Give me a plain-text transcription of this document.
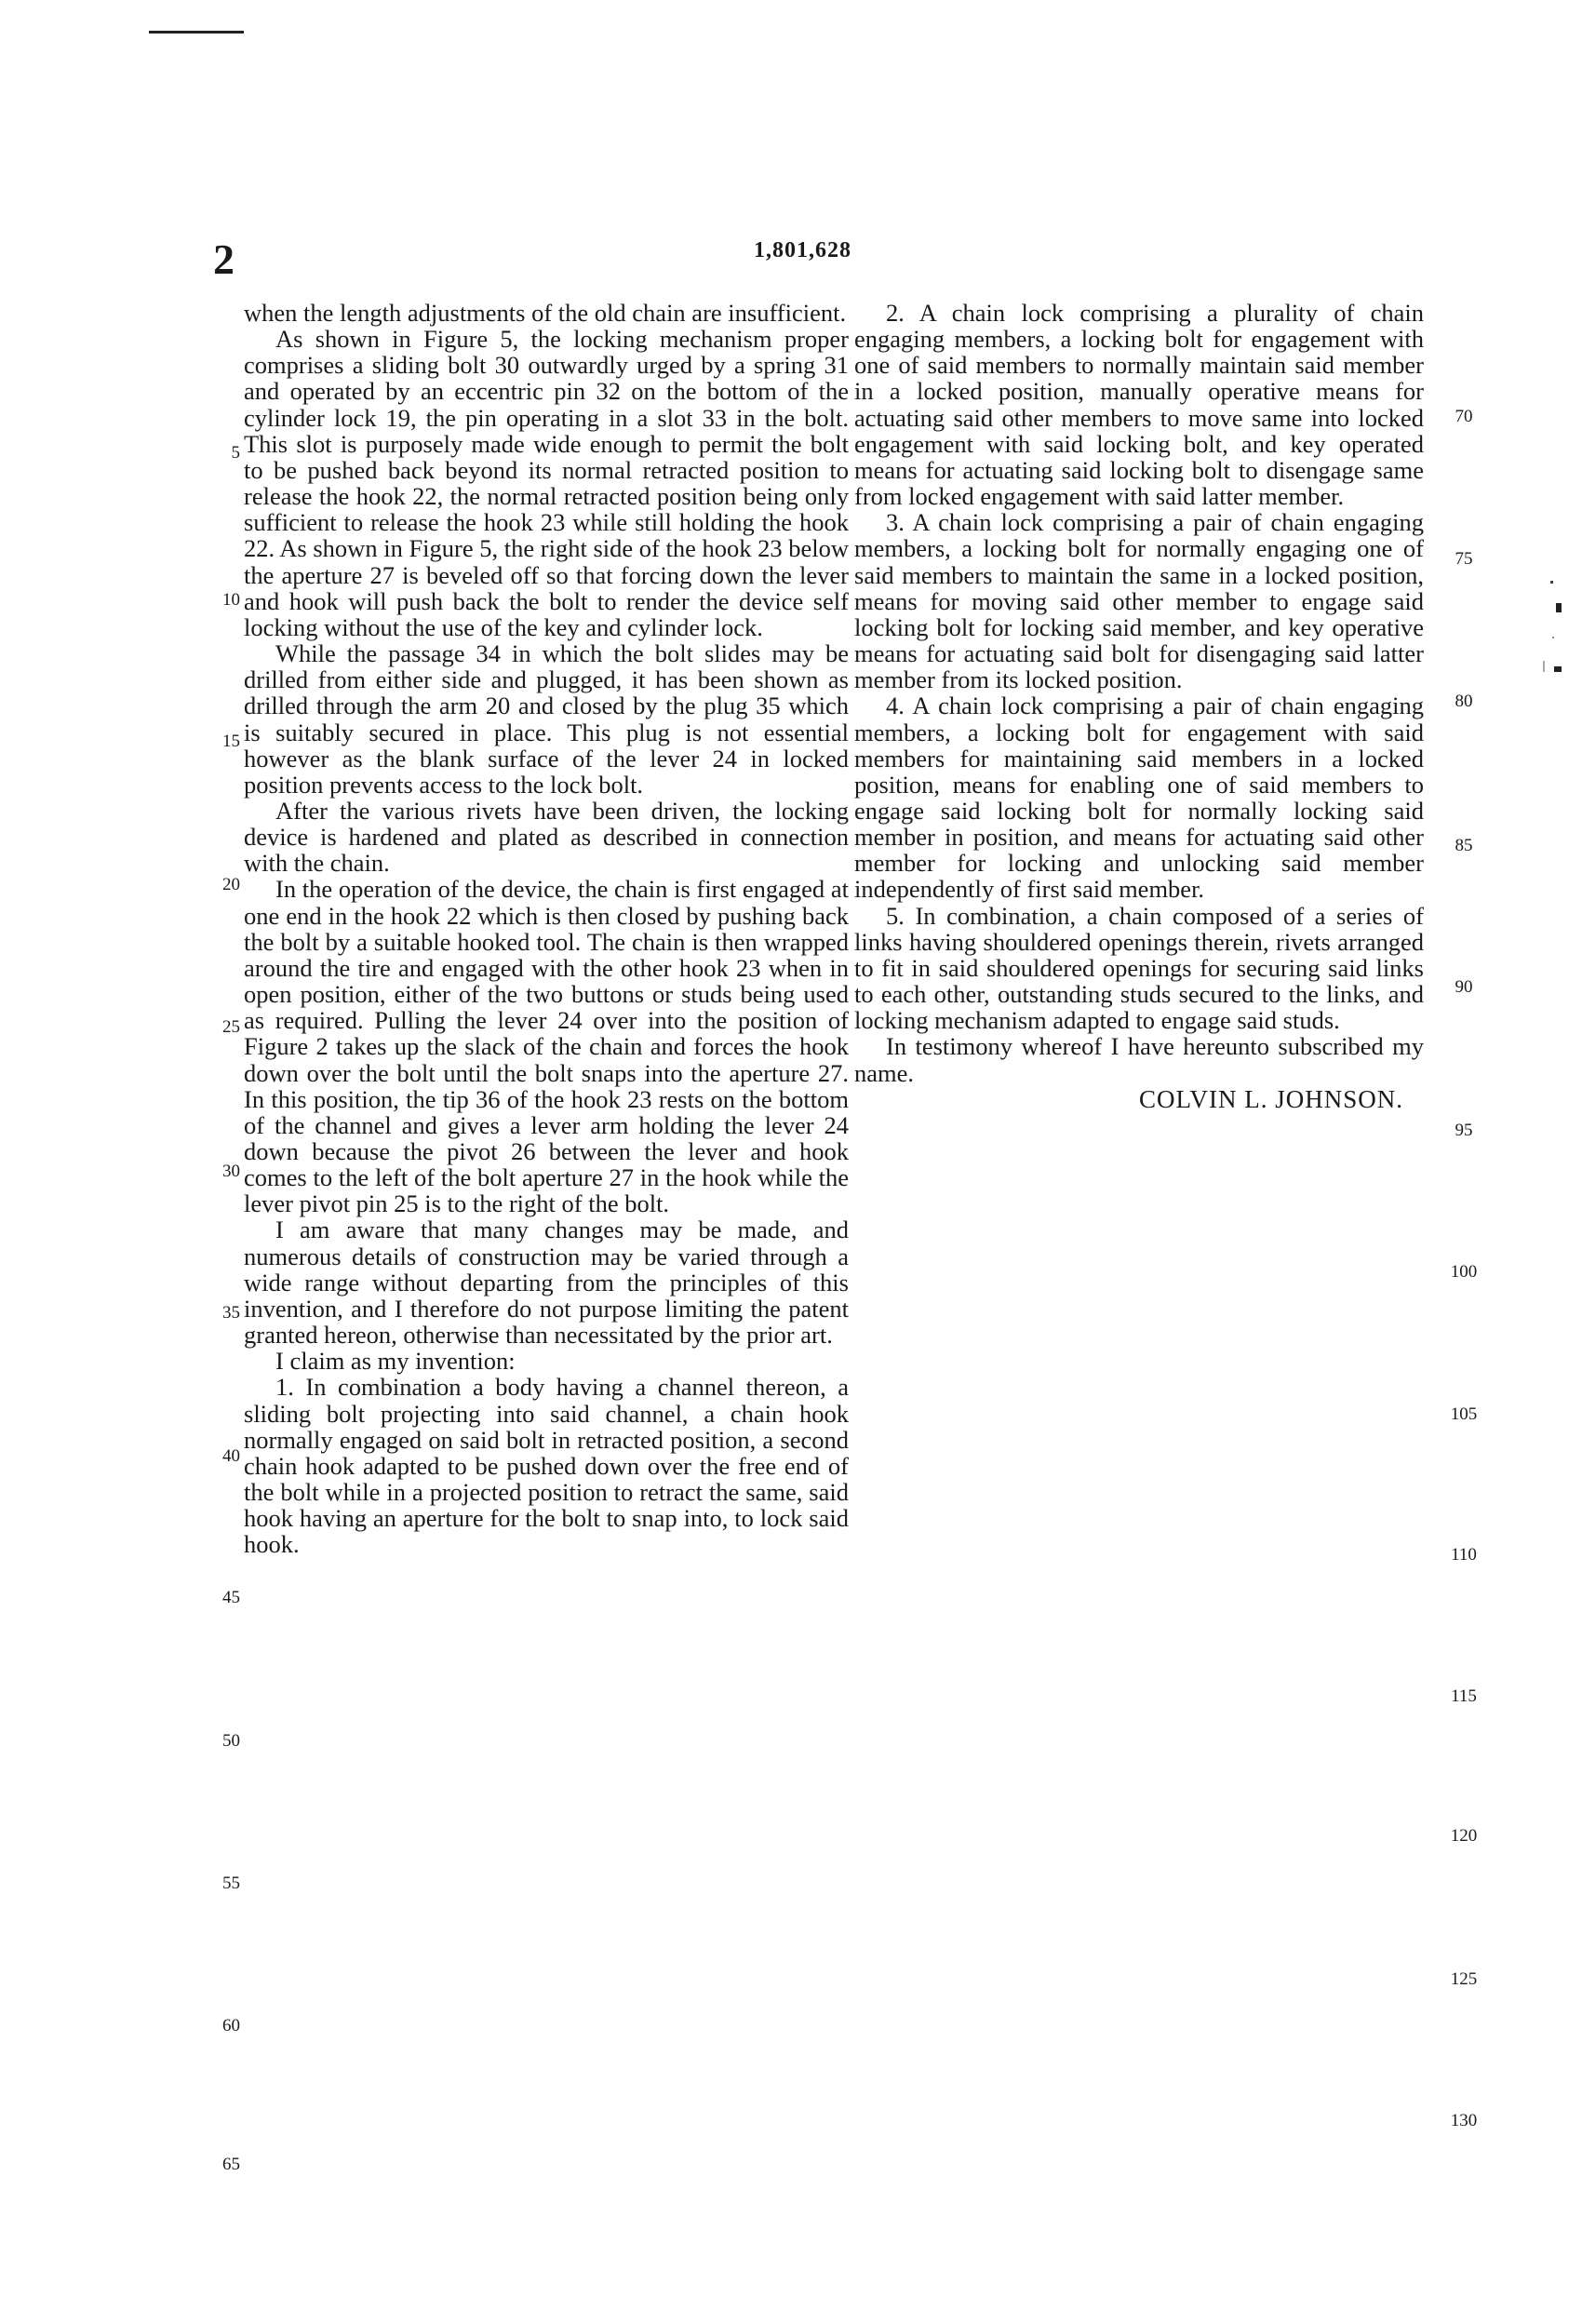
2	1,801,628

when the length adjustments of the old chain are insufficient.

As shown in Figure 5, the locking mechanism proper comprises a sliding bolt 30 outwardly urged by a spring 31 and operated by an eccentric pin 32 on the bottom of the cylinder lock 19, the pin operating in a slot 33 in the bolt. This slot is purposely made wide enough to permit the bolt to be pushed back beyond its normal retracted position to release the hook 22, the normal retracted position being only sufficient to release the hook 23 while still holding the hook 22. As shown in Figure 5, the right side of the hook 23 below the aperture 27 is beveled off so that forcing down the lever and hook will push back the bolt to render the device self locking without the use of the key and cylinder lock.

While the passage 34 in which the bolt slides may be drilled from either side and plugged, it has been shown as drilled through the arm 20 and closed by the plug 35 which is suitably secured in place. This plug is not essential however as the blank surface of the lever 24 in locked position prevents access to the lock bolt.

After the various rivets have been driven, the locking device is hardened and plated as described in connection with the chain.

In the operation of the device, the chain is first engaged at one end in the hook 22 which is then closed by pushing back the bolt by a suitable hooked tool. The chain is then wrapped around the tire and engaged with the other hook 23 when in open position, either of the two buttons or studs being used as required. Pulling the lever 24 over into the position of Figure 2 takes up the slack of the chain and forces the hook down over the bolt until the bolt snaps into the aperture 27. In this position, the tip 36 of the hook 23 rests on the bottom of the channel and gives a lever arm holding the lever 24 down because the pivot 26 between the lever and hook comes to the left of the bolt aperture 27 in the hook while the lever pivot pin 25 is to the right of the bolt.

I am aware that many changes may be made, and numerous details of construction may be varied through a wide range without departing from the principles of this invention, and I therefore do not purpose limiting the patent granted hereon, otherwise than necessitated by the prior art.

I claim as my invention:

1. In combination a body having a channel thereon, a sliding bolt projecting into said channel, a chain hook normally engaged on said bolt in retracted position, a second chain hook adapted to be pushed down over the free end of the bolt while in a projected position to retract the same, said hook having an aperture for the bolt to snap into, to lock said hook.

2. A chain lock comprising a plurality of chain engaging members, a locking bolt for engagement with one of said members to normally maintain said member in a locked position, manually operative means for actuating said other members to move same into locked engagement with said locking bolt, and key operated means for actuating said locking bolt to disengage same from locked engagement with said latter member.

3. A chain lock comprising a pair of chain engaging members, a locking bolt for normally engaging one of said members to maintain the same in a locked position, means for moving said other member to engage said locking bolt for locking said member, and key operative means for actuating said bolt for disengaging said latter member from its locked position.

4. A chain lock comprising a pair of chain engaging members, a locking bolt for engagement with said members for maintaining said members in a locked position, means for enabling one of said members to engage said locking bolt for normally locking said member in position, and means for actuating said other member for locking and unlocking said member independently of first said member.

5. In combination, a chain composed of a series of links having shouldered openings therein, rivets arranged to fit in said shouldered openings for securing said links to each other, outstanding studs secured to the links, and locking mechanism adapted to engage said studs.

In testimony whereof I have hereunto subscribed my name.

COLVIN L. JOHNSON.

5
10
15
20
25
30
35
40
45
50
55
60
65
70
75
80
85
90
95
100
105
110
115
120
125
130
